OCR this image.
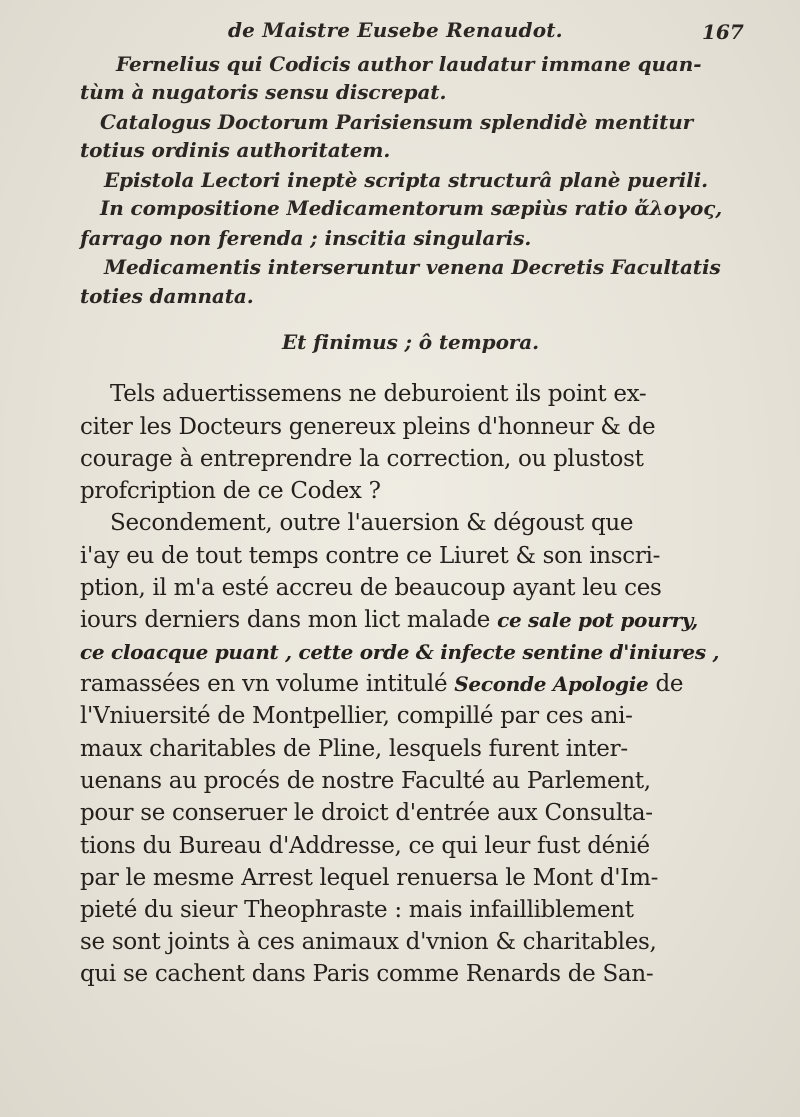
de Maistre Eusebe Renaudot.	167
Fernelius qui Codicis author laudatur immane quan-
tùm à nugatoris sensu discrepat.
Catalogus Doctorum Parisiensum splendidè mentitur
totius ordinis authoritatem.
Epistola Lectori ineptè scripta structurâ planè puerili.
In compositione Medicamentorum sæpiùs ratio ἄλογος,
farrago non ferenda ; inscitia singularis.
Medicamentis interseruntur venena Decretis Facultatis
toties damnata.
Et finimus ; ô tempora.
Tels aduertissemens ne deburoient ils point ex-
citer les Docteurs genereux pleins d'honneur & de
courage à entreprendre la correction, ou plustost
profcription de ce Codex ?
Secondement, outre l'auersion & dégoust que
i'ay eu de tout temps contre ce Liuret & son inscri-
ption, il m'a esté accreu de beaucoup ayant leu ces
iours derniers dans mon lict malade ce sale pot pourry,
ce cloacque puant , cette orde & infecte sentine d'iniures ,
ramassées en vn volume intitulé Seconde Apologie de
l'Vniuersité de Montpellier, compillé par ces ani-
maux charitables de Pline, lesquels furent inter-
uenans au procés de nostre Faculté au Parlement,
pour se conseruer le droict d'entrée aux Consulta-
tions du Bureau d'Addresse, ce qui leur fust dénié
par le mesme Arrest lequel renuersa le Mont d'Im-
pieté du sieur Theophraste : mais infailliblement
se sont joints à ces animaux d'vnion & charitables,
qui se cachent dans Paris comme Renards de San-
